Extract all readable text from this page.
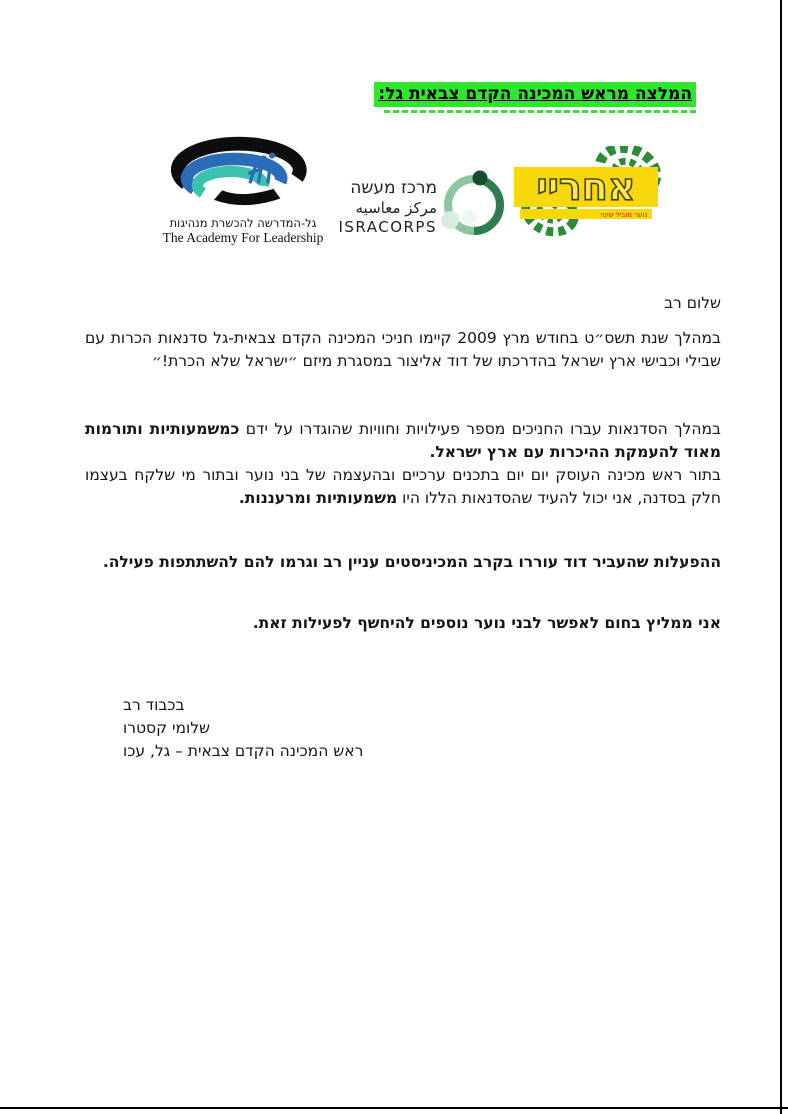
המלצה מראש המכינה הקדם צבאית גל:
גל-המדרשה להכשרת מנהיגות
The Academy For Leadership
מרכז מעשה
مركز معاسيه
ISRACORPS
אחריי
נוער מוביל שינוי
שלום רב
במהלך שנת תשס״ט בחודש מרץ 2009 קיימו חניכי המכינה הקדם צבאית-גל סדנאות הכרות עם שבילי וכבישי ארץ ישראל בהדרכתו של דוד אליצור במסגרת מיזם ״ישראל שלא הכרת!״

במהלך הסדנאות עברו החניכים מספר פעילויות וחוויות שהוגדרו על ידם כמשמעותיות ותורמות מאוד להעמקת ההיכרות עם ארץ ישראל.

בתור ראש מכינה העוסק יום יום בתכנים ערכיים ובהעצמה של בני נוער ובתור מי שלקח בעצמו חלק בסדנה, אני יכול להעיד שהסדנאות הללו היו משמעותיות ומרעננות.

ההפעלות שהעביר דוד עוררו בקרב המכיניסטים עניין רב וגרמו להם להשתתפות פעילה.
אני ממליץ בחום לאפשר לבני נוער נוספים להיחשף לפעילות זאת.
בכבוד רב
שלומי קסטרו
ראש המכינה הקדם צבאית – גל, עכו
